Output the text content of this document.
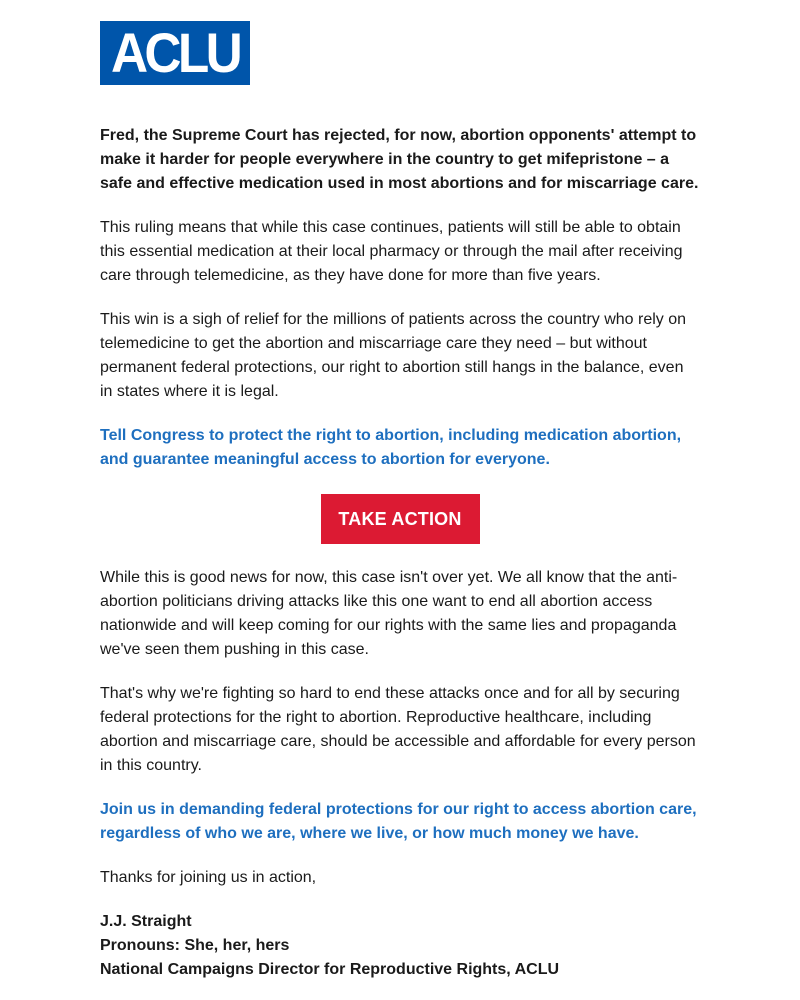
ACLU

Fred, the Supreme Court has rejected, for now, abortion opponents' attempt to make it harder for people everywhere in the country to get mifepristone – a safe and effective medication used in most abortions and for miscarriage care.

This ruling means that while this case continues, patients will still be able to obtain this essential medication at their local pharmacy or through the mail after receiving care through telemedicine, as they have done for more than five years.

This win is a sigh of relief for the millions of patients across the country who rely on telemedicine to get the abortion and miscarriage care they need – but without permanent federal protections, our right to abortion still hangs in the balance, even in states where it is legal.

Tell Congress to protect the right to abortion, including medication abortion, and guarantee meaningful access to abortion for everyone.
TAKE ACTION

While this is good news for now, this case isn't over yet. We all know that the anti-abortion politicians driving attacks like this one want to end all abortion access nationwide and will keep coming for our rights with the same lies and propaganda we've seen them pushing in this case.

That's why we're fighting so hard to end these attacks once and for all by securing federal protections for the right to abortion. Reproductive healthcare, including abortion and miscarriage care, should be accessible and affordable for every person in this country.

Join us in demanding federal protections for our right to access abortion care, regardless of who we are, where we live, or how much money we have.

Thanks for joining us in action,

J.J. Straight
Pronouns: She, her, hers
National Campaigns Director for Reproductive Rights, ACLU
